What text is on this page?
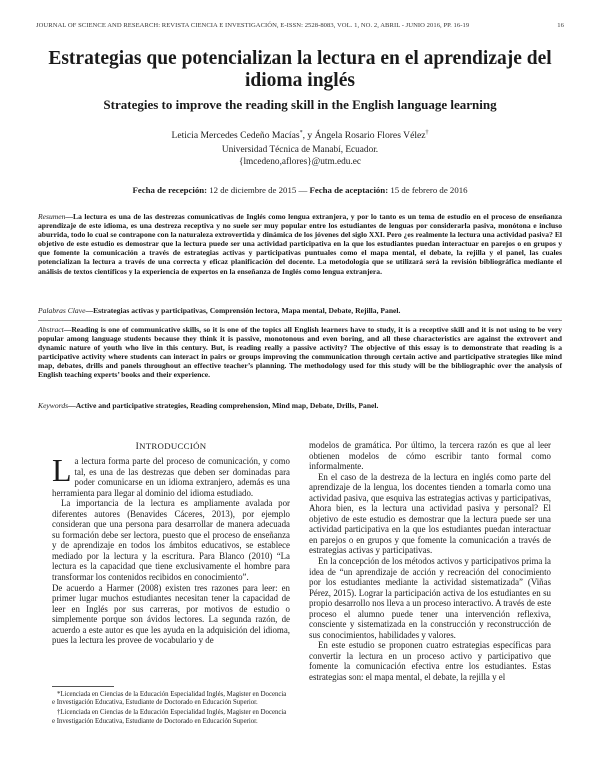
JOURNAL OF SCIENCE AND RESEARCH: REVISTA CIENCIA E INVESTIGACIÓN, E-ISSN: 2528-8083, VOL. 1, NO. 2, ABRIL - JUNIO 2016, PP. 16-19	16
Estrategias que potencializan la lectura en el aprendizaje del idioma inglés
Strategies to improve the reading skill in the English language learning
Leticia Mercedes Cedeño Macías*, y Ángela Rosario Flores Vélez†
Universidad Técnica de Manabí, Ecuador.
{lmcedeno,aflores}@utm.edu.ec
Fecha de recepción: 12 de diciembre de 2015 — Fecha de aceptación: 15 de febrero de 2016
Resumen—La lectura es una de las destrezas comunicativas de Inglés como lengua extranjera, y por lo tanto es un tema de estudio en el proceso de enseñanza aprendizaje de este idioma, es una destreza receptiva y no suele ser muy popular entre los estudiantes de lenguas por considerarla pasiva, monótona e incluso aburrida, todo lo cual se contrapone con la naturaleza extrovertida y dinámica de los jóvenes del siglo XXI. Pero ¿es realmente la lectura una actividad pasiva? El objetivo de este estudio es demostrar que la lectura puede ser una actividad participativa en la que los estudiantes puedan interactuar en parejos o en grupos y que fomente la comunicación a través de estrategias activas y participativas puntuales como el mapa mental, el debate, la rejilla y el panel, las cuales potencializan la lectura a través de una correcta y eficaz planificación del docente. La metodología que se utilizará será la revisión bibliográfica mediante el análisis de textos científicos y la experiencia de expertos en la enseñanza de Inglés como lengua extranjera.
Palabras Clave—Estrategias activas y participativas, Comprensión lectora, Mapa mental, Debate, Rejilla, Panel.
Abstract—Reading is one of communicative skills, so it is one of the topics all English learners have to study, it is a receptive skill and it is not using to be very popular among language students because they think it is passive, monotonous and even boring, and all these characteristics are against the extrovert and dynamic nature of youth who live in this century. But, is reading really a passive activity? The objective of this essay is to demonstrate that reading is a participative activity where students can interact in pairs or groups improving the communication through certain active and participative strategies like mind map, debates, drills and panels throughout an effective teacher’s planning. The methodology used for this study will be the bibliographic over the analysis of English teaching experts’ books and their experience.
Keywords—Active and participative strategies, Reading comprehension, Mind map, Debate, Drills, Panel.
INTRODUCCIÓN

La lectura forma parte del proceso de comunicación, y como tal, es una de las destrezas que deben ser dominadas para poder comunicarse en un idioma extranjero, además es una herramienta para llegar al dominio del idioma estudiado.

La importancia de la lectura es ampliamente avalada por diferentes autores (Benavides Cáceres, 2013), por ejemplo consideran que una persona para desarrollar de manera adecuada su formación debe ser lectora, puesto que el proceso de enseñanza y de aprendizaje en todos los ámbitos educativos, se establece mediado por la lectura y la escritura. Para Blanco (2010) “La lectura es la capacidad que tiene exclusivamente el hombre para transformar los contenidos recibidos en conocimiento”.

De acuerdo a Harmer (2008) existen tres razones para leer: en primer lugar muchos estudiantes necesitan tener la capacidad de leer en Inglés por sus carreras, por motivos de estudio o simplemente porque son ávidos lectores. La segunda razón, de acuerdo a este autor es que les ayuda en la adquisición del idioma, pues la lectura les provee de vocabulario y de

*Licenciada en Ciencias de la Educación Especialidad Inglés, Magister en Docencia e Investigación Educativa, Estudiante de Doctorado en Educación Superior.

†Licenciada en Ciencias de la Educación Especialidad Inglés, Magister en Docencia e Investigación Educativa, Estudiante de Doctorado en Educación Superior.

modelos de gramática. Por último, la tercera razón es que al leer obtienen modelos de cómo escribir tanto formal como informalmente.

En el caso de la destreza de la lectura en inglés como parte del aprendizaje de la lengua, los docentes tienden a tomarla como una actividad pasiva, que esquiva las estrategias activas y participativas, Ahora bien, es la lectura una actividad pasiva y personal? El objetivo de este estudio es demostrar que la lectura puede ser una actividad participativa en la que los estudiantes puedan interactuar en parejos o en grupos y que fomente la comunicación a través de estrategias activas y participativas.

En la concepción de los métodos activos y participativos prima la idea de “un aprendizaje de acción y recreación del conocimiento por los estudiantes mediante la actividad sistematizada” (Viñas Pérez, 2015). Lograr la participación activa de los estudiantes en su propio desarrollo nos lleva a un proceso interactivo. A través de este proceso el alumno puede tener una intervención reflexiva, consciente y sistematizada en la construcción y reconstrucción de sus conocimientos, habilidades y valores.

En este estudio se proponen cuatro estrategias específicas para convertir la lectura en un proceso activo y participativo que fomente la comunicación efectiva entre los estudiantes. Estas estrategias son: el mapa mental, el debate, la rejilla y el
